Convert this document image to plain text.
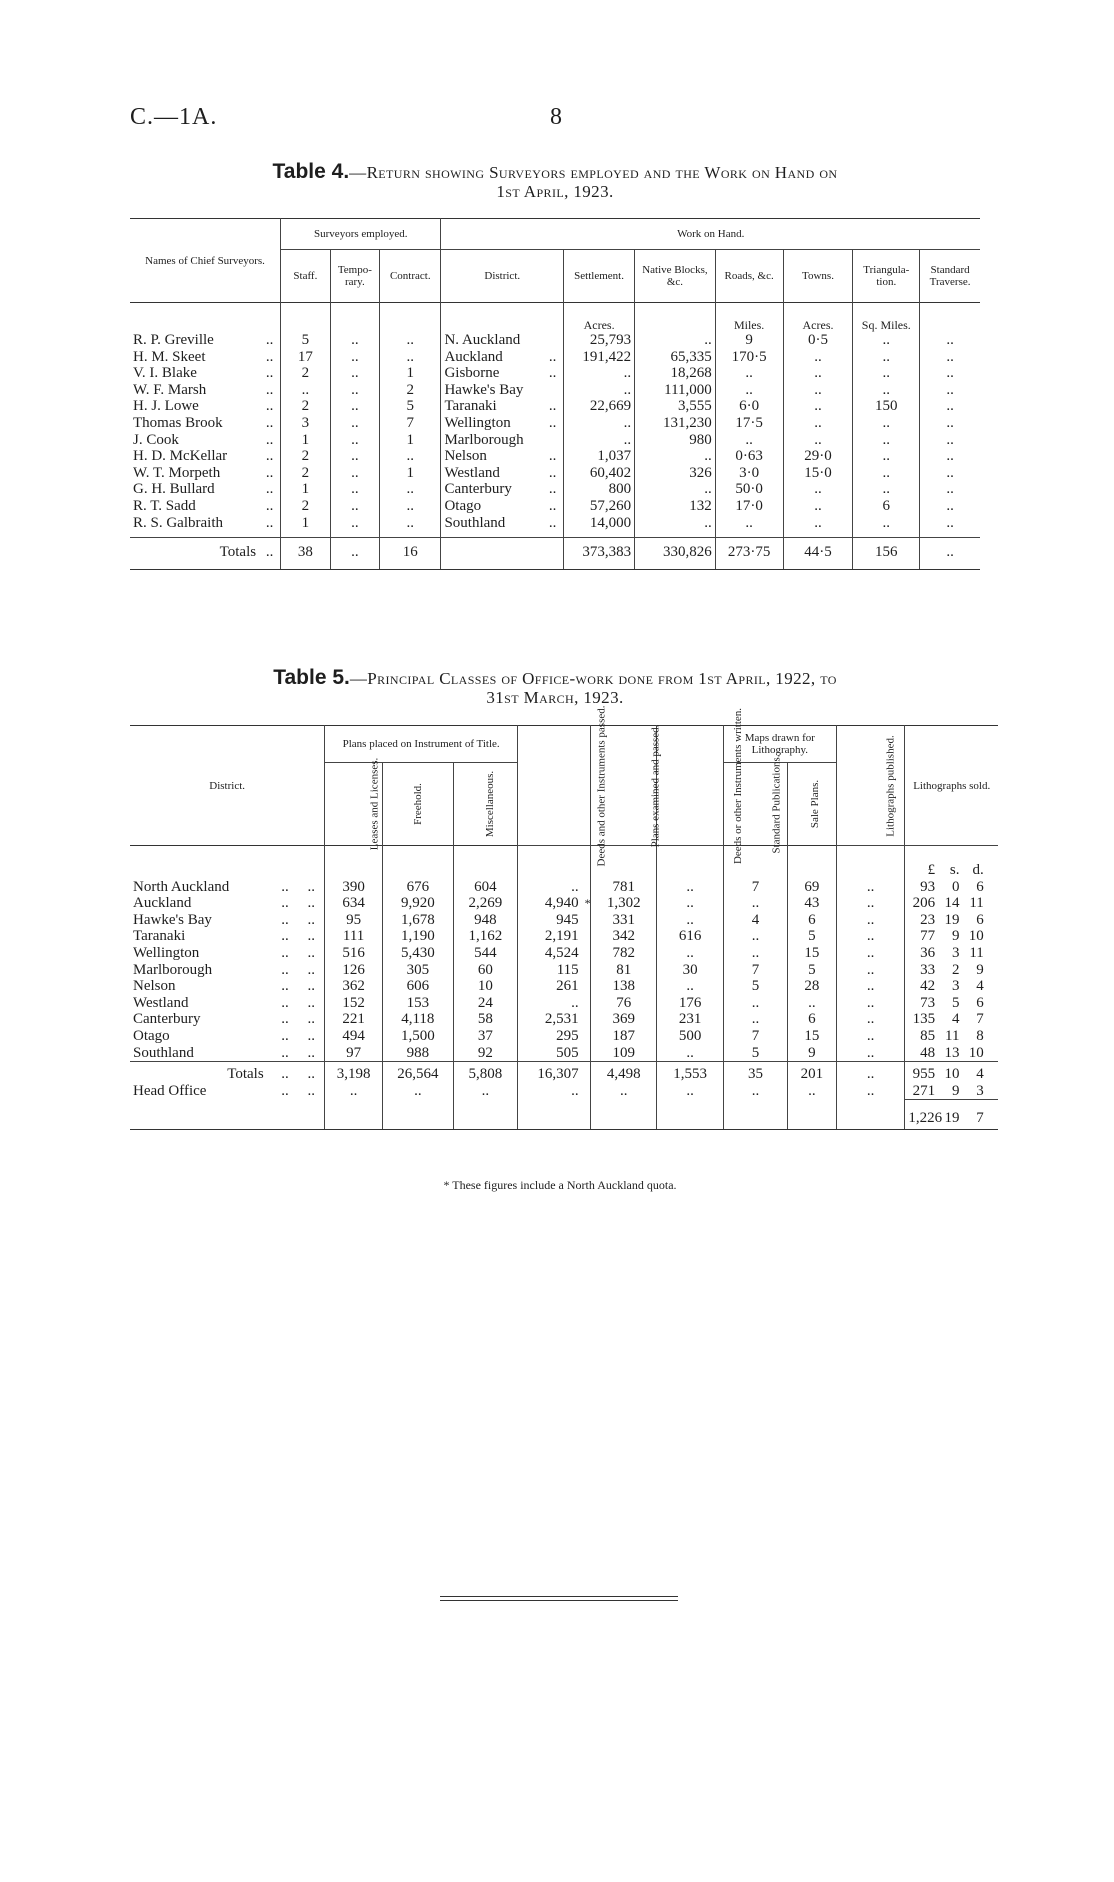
C.—1A.	8
Table 4.—Return showing Surveyors employed and the Work on Hand on
1st April, 1923.
Names of Chief Surveyors.		Surveyors employed.			Work on Hand.							
		Staff.	Tempo-rary.	Contract.	District.		Settlement.	Native Blocks, &c.	Roads, &c.	Towns.	Triangula-tion.	Standard Traverse.
							Acres.		Miles.	Acres.	Sq. Miles.	
R. P. Greville	..	5	..	..	N. Auckland		25,793	..	9	0·5	..	..
H. M. Skeet	..	17	..	..	Auckland	..	191,422	65,335	170·5	..	..	..
V. I. Blake	..	2	..	1	Gisborne	..	..	18,268	..	..	..	..
W. F. Marsh	..	..	..	2	Hawke's Bay		..	111,000	..	..	..	..
H. J. Lowe	..	2	..	5	Taranaki	..	22,669	3,555	6·0	..	150	..
Thomas Brook	..	3	..	7	Wellington	..	..	131,230	17·5	..	..	..
J. Cook	..	1	..	1	Marlborough		..	980	..	..	..	..
H. D. McKellar	..	2	..	..	Nelson	..	1,037	..	0·63	29·0	..	..
W. T. Morpeth	..	2	..	1	Westland	..	60,402	326	3·0	15·0	..	..
G. H. Bullard	..	1	..	..	Canterbury	..	800	..	50·0	..	..	..
R. T. Sadd	..	2	..	..	Otago	..	57,260	132	17·0	..	6	..
R. S. Galbraith	..	1	..	..	Southland	..	14,000	..	..	..	..	..

Totals	..	38	..	16			373,383	330,826	273·75	44·5	156	..
Table 5.—Principal Classes of Office-work done from 1st April, 1922, to
31st March, 1923.
District.			Plans placed on Instrument of Title.			Deeds and other Instruments passed.		Plans examined and passed.	Deeds or other Instruments written.	Maps drawn for Lithography.		Lithographs published.	Lithographs sold.			
			Leases and Licenses.	Freehold.	Miscellaneous.					Standard Publications.	Sale Plans.					
													£	s.	d.	
North Auckland	..	..	390	676	604	..		781	..	7	69	..	93	0	6	
Auckland	..	..	634	9,920	2,269	4,940	*	1,302	..	..	43	..	206	14	11	
Hawke's Bay	..	..	95	1,678	948	945		331	..	4	6	..	23	19	6	
Taranaki	..	..	111	1,190	1,162	2,191		342	616	..	5	..	77	9	10	
Wellington	..	..	516	5,430	544	4,524		782	..	..	15	..	36	3	11	
Marlborough	..	..	126	305	60	115		81	30	7	5	..	33	2	9	
Nelson	..	..	362	606	10	261		138	..	5	28	..	42	3	4	
Westland	..	..	152	153	24	..		76	176	..	..	..	73	5	6	
Canterbury	..	..	221	4,118	58	2,531		369	231	..	6	..	135	4	7	
Otago	..	..	494	1,500	37	295		187	500	7	15	..	85	11	8	
Southland	..	..	97	988	92	505		109	..	5	9	..	48	13	10	
Totals	..	..	3,198	26,564	5,808	16,307		4,498	1,553	35	201	..	955	10	4	
Head Office	..	..	..	..	..	..		..	..	..	..	..	271	9	3	
													1,226	19	7	
* These figures include a North Auckland quota.
